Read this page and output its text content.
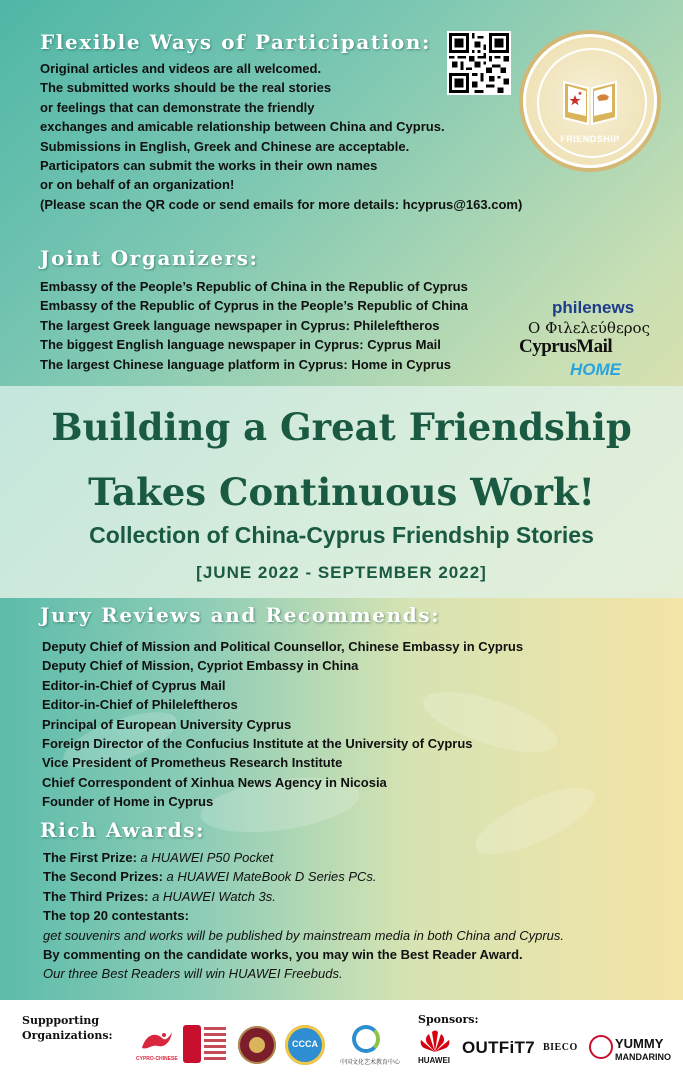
Flexible Ways of Participation:
Original articles and videos are all welcomed.
The submitted works should be the real stories
or feelings that can demonstrate the friendly
exchanges and amicable relationship between China and Cyprus.
Submissions in English, Greek and Chinese are acceptable.
Participators can submit the works in their own names
or on behalf of an organization!
(Please scan the QR code or send emails for more details: hcyprus@163.com)
FRIENDSHIP
Joint Organizers:
Embassy of the People’s Republic of China in the Republic of Cyprus
Embassy of the Republic of Cyprus in the People’s Republic of China
The largest Greek language newspaper in Cyprus: Phileleftheros
The biggest English language newspaper in Cyprus: Cyprus Mail
The largest Chinese language platform in Cyprus: Home in Cyprus
philenews
Ο Φιλελεύθερος
CyprusMail
HOME
Building a Great Friendship
Takes Continuous Work!

Collection of China-Cyprus Friendship Stories

[JUNE 2022 - SEPTEMBER 2022]

Jury Reviews and Recommends:
Deputy Chief of Mission and Political Counsellor, Chinese Embassy in Cyprus
Deputy Chief of Mission, Cypriot Embassy in China
Editor-in-Chief of Cyprus Mail
Editor-in-Chief of Phileleftheros
Principal of European University Cyprus
Foreign Director of the Confucius Institute at the University of Cyprus
Vice President of Prometheus Research Institute
Chief Correspondent of Xinhua News Agency in Nicosia
Founder of Home in Cyprus
Rich Awards:
The First Prize: a HUAWEI P50 Pocket
The Second Prizes: a HUAWEI MateBook D Series PCs.
The Third Prizes: a HUAWEI Watch 3s.
The top 20 contestants:
get souvenirs and works will be published by mainstream media in both China and Cyprus.
By commenting on the candidate works, you may win the Best Reader Award.
Our three Best Readers will win HUAWEI Freebuds.
Suppporting
Organizations:
CYPRO-CHINESE
CCCA
中国文化艺术教育中心
Sponsors:
HUAWEI
OUTFiT7 BIECO	YUMMY
MANDARINO
